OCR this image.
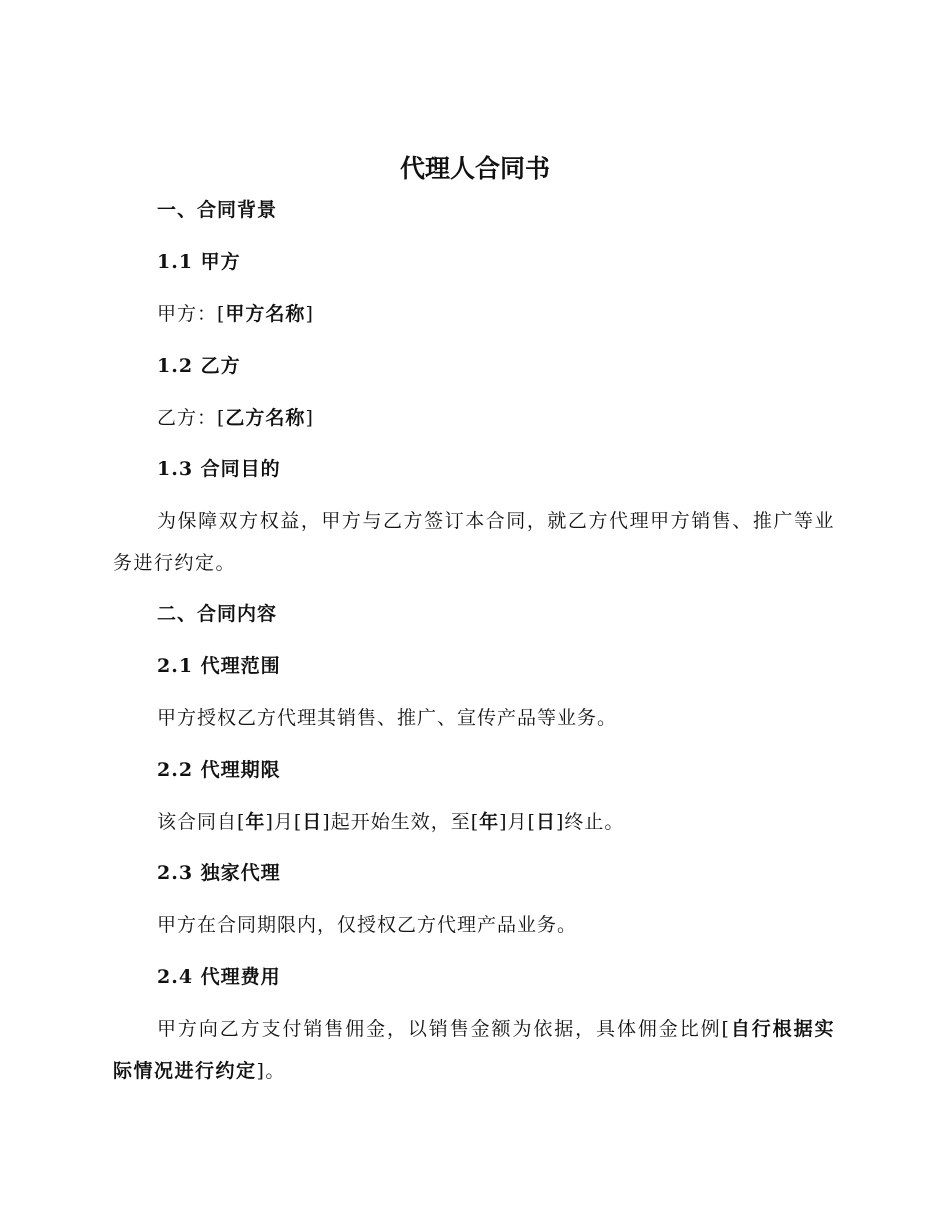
代理人合同书
一、合同背景
1.1 甲方
甲方：[甲方名称]
1.2 乙方
乙方：[乙方名称]
1.3 合同目的
为保障双方权益，甲方与乙方签订本合同，就乙方代理甲方销售、推广等业务进行约定。
二、合同内容
2.1 代理范围
甲方授权乙方代理其销售、推广、宣传产品等业务。
2.2 代理期限
该合同自[年]月[日]起开始生效，至[年]月[日]终止。
2.3 独家代理
甲方在合同期限内，仅授权乙方代理产品业务。
2.4 代理费用
甲方向乙方支付销售佣金，以销售金额为依据，具体佣金比例[自行根据实际情况进行约定]。
